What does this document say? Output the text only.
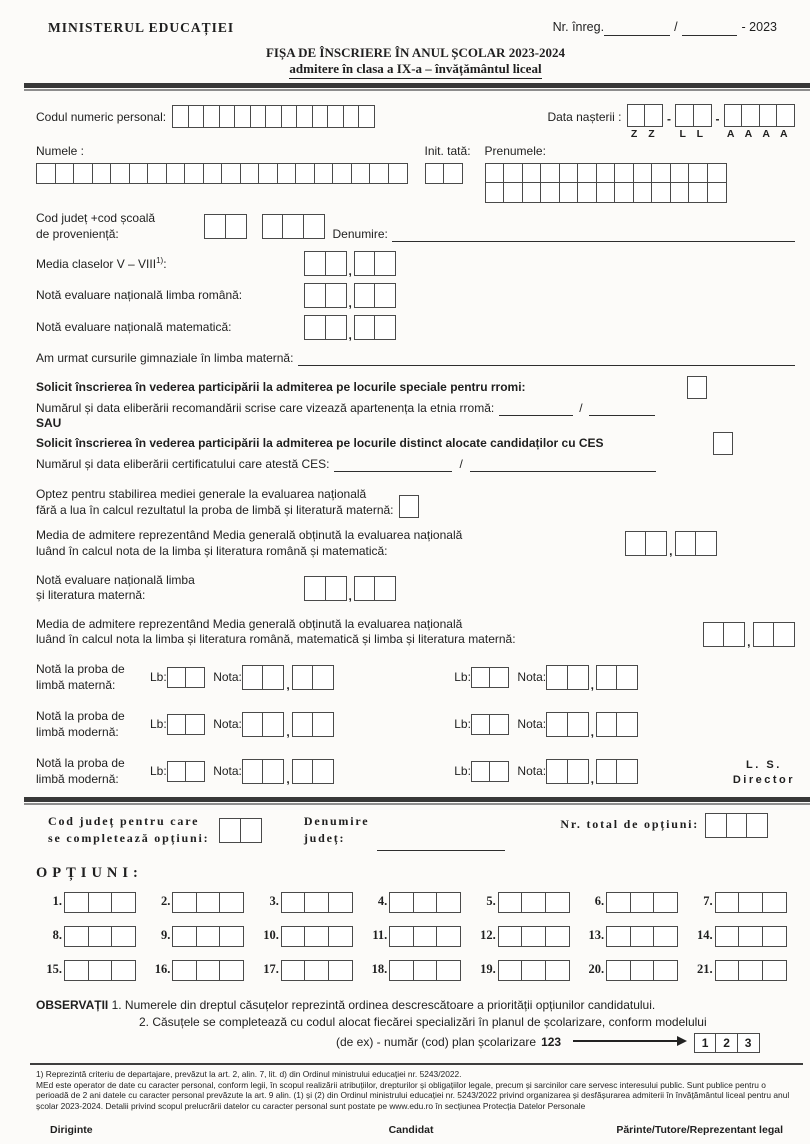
MINISTERUL EDUCAȚIEI	Nr. înreg.	/	- 2023
FIȘA DE ÎNSCRIERE ÎN ANUL ȘCOLAR 2023-2024
admitere în clasa a IX-a – învățământul liceal
Codul numeric personal:	Data nașterii :
Z Z
-
L L
-
A A A A
Numele :	Init. tată: Prenumele:
Cod județ +cod școală
de proveniență:	Denumire:
Media claselor V – VIII$^{1)}$:
,
Notă evaluare națională limba română:
,
Notă evaluare națională matematică:
,
Am urmat cursurile gimnaziale în limba maternă:
Solicit înscrierea în vederea participării la admiterea pe locurile speciale pentru rromi:
Numărul și data eliberării recomandării scrise care vizează apartenența la etnia rromă:	/
SAU
Solicit înscrierea în vederea participării la admiterea pe locurile distinct alocate candidaților cu CES
Numărul și data eliberării certificatului care atestă CES:	/
Optez pentru stabilirea mediei generale la evaluarea națională
fără a lua în calcul rezultatul la proba de limbă și literatură maternă:
Media de admitere reprezentând Media generală obținută la evaluarea națională
luând în calcul nota de la limba și literatura română și matematică:	,
Notă evaluare națională limba
și literatura maternă:	,
Media de admitere reprezentând Media generală obținută la evaluarea națională
luând în calcul nota la limba și literatura română, matematică și limba și literatura maternă:	,
Notă la proba de
limbă maternă:
Lb:	Nota:
,
Lb:	Nota:
,
Notă la proba de
limbă modernă:
Lb:	Nota:
,
Lb:	Nota:
,
Notă la proba de
limbă modernă:
Lb:	Nota:
,
Lb:	Nota:
,
L. S.
Director
Cod județ pentru care
se completează opțiuni:
Denumire
județ:
Nr. total de opțiuni:
OPȚIUNI:
1.	2.	3.	4.	5.	6.	7.
8.	9.	10.	11.	12.	13.	14.
15.	16.	17.	18.	19.	20.	21.
OBSERVAȚII 1. Numerele din dreptul căsuțelor reprezintă ordinea descrescătoare a priorității opțiunilor candidatului.
2. Căsuțele se completează cu codul alocat fiecărei specializări în planul de școlarizare, conform modelului
(de ex) - număr (cod) plan școlarizare 123	1	2	3
1) Reprezintă criteriu de departajare, prevăzut la art. 2, alin. 7, lit. d) din Ordinul ministrului educației nr. 5243/2022.
MEd este operator de date cu caracter personal, conform legii, în scopul realizării atribuțiilor, drepturilor și obligațiilor legale, precum și sarcinilor care servesc interesului public. Sunt publice pentru o perioadă de 2 ani datele cu caracter personal prevăzute la art. 9 alin. (1) și (2) din Ordinul ministrului educației nr. 5243/2022 privind organizarea și desfășurarea admiterii în învățământul liceal pentru anul școlar 2023-2024. Detalii privind scopul prelucrării datelor cu caracter personal sunt postate pe www.edu.ro în secțiunea Protecția Datelor Personale
Diriginte	Candidat	Părinte/Tutore/Reprezentant legal
